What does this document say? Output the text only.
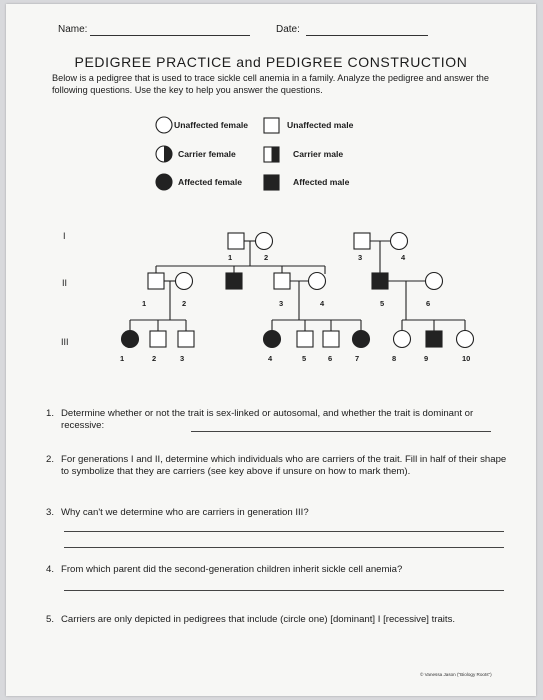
Name:	Date:
PEDIGREE PRACTICE and PEDIGREE CONSTRUCTION
Below is a pedigree that is used to trace sickle cell anemia in a family. Analyze the pedigree and answer the following questions. Use the key to help you answer the questions.
Unaffected female	Unaffected male
Carrier female	Carrier male
Affected female	Affected male
I
II
III
1	2	3	4
1	2	3	4	5	6
1	2	3	4	5	6	7	8	9	10
1. Determine whether or not the trait is sex-linked or autosomal, and whether the trait is dominant or recessive:
2. For generations I and II, determine which individuals who are carriers of the trait. Fill in half of their shape to symbolize that they are carriers (see key above if unsure on how to mark them).
3. Why can't we determine who are carriers in generation III?
4. From which parent did the second-generation children inherit sickle cell anemia?
5. Carriers are only depicted in pedigrees that include (circle one) [dominant] I [recessive] traits.
© Vanessa Jason ("Biology Roots")
